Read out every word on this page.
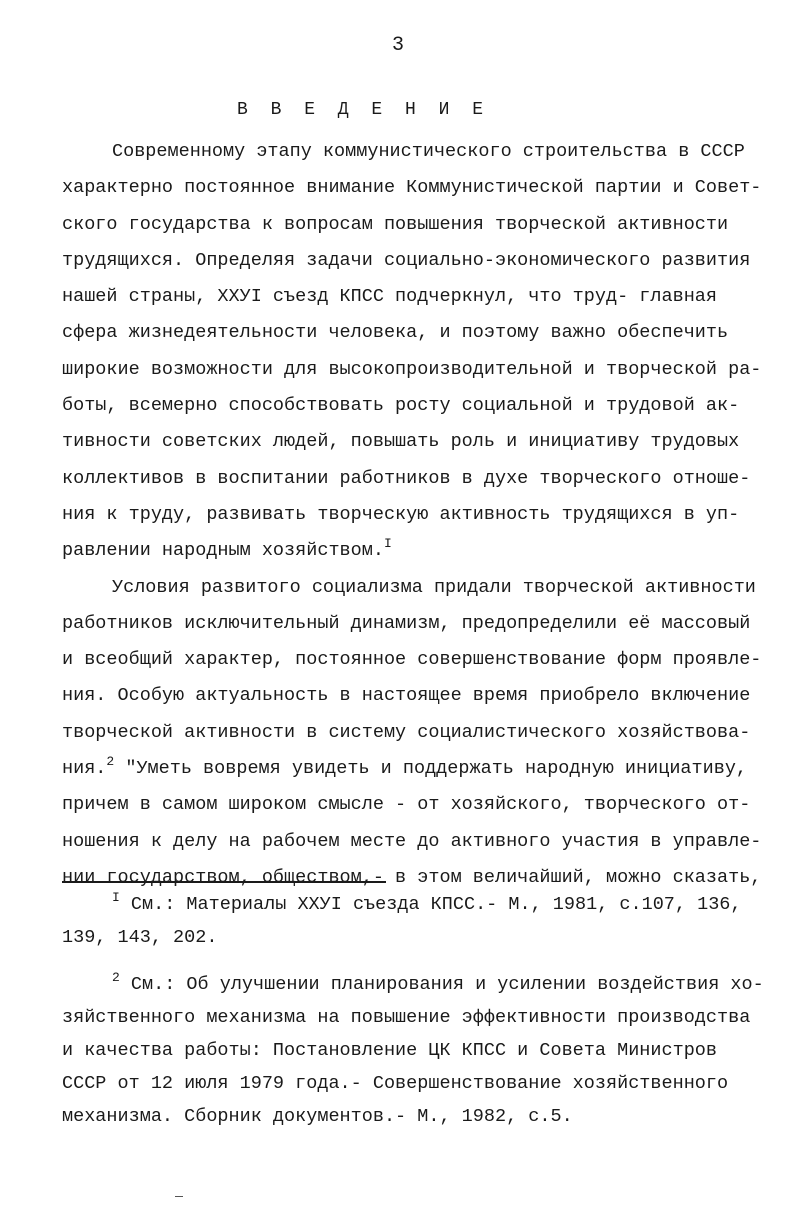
3
В В Е Д Е Н И Е
Современному этапу коммунистического строительства в СССР
характерно постоянное внимание Коммунистической партии и Совет-
ского государства к вопросам повышения творческой активности
трудящихся. Определяя задачи социально-экономического развития
нашей страны, ХХУI съезд КПСС подчеркнул, что труд- главная
сфера жизнедеятельности человека, и поэтому важно обеспечить
широкие возможности для высокопроизводительной и творческой ра-
боты, всемерно способствовать росту социальной и трудовой ак-
тивности советских людей, повышать роль и инициативу трудовых
коллективов в воспитании работников в духе творческого отноше-
ния к труду, развивать творческую активность трудящихся в уп-
равлении народным хозяйством.$^I$
Условия развитого социализма придали творческой активности
работников исключительный динамизм, предопределили её массовый
и всеобщий характер, постоянное совершенствование форм проявле-
ния. Особую актуальность в настоящее время приобрело включение
творческой активности в систему социалистического хозяйствова-
ния.$^2$ "Уметь вовремя увидеть и поддержать народную инициативу,
причем в самом широком смысле - от хозяйского, творческого от-
ношения к делу на рабочем месте до активного участия в управле-
нии государством, обществом,- в этом величайший, можно сказать,
$^I$ См.: Материалы ХХУI съезда КПСС.- М., 1981, с.107, 136,
139, 143, 202.
$^2$ См.: Об улучшении планирования и усилении воздействия хо-
зяйственного механизма на повышение эффективности производства
и качества работы: Постановление ЦК КПСС и Совета Министров
СССР от 12 июля 1979 года.- Совершенствование хозяйственного
механизма. Сборник документов.- М., 1982, с.5.
